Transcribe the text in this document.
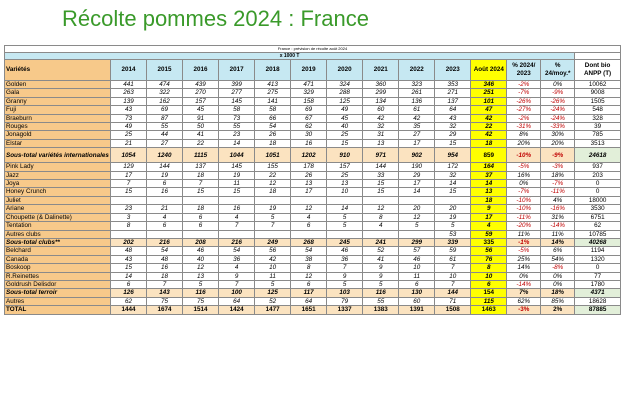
Récolte pommes 2024 : France
France : prévision de récolte août 2024														
x 1000 T														
Variétés	2014	2015	2016	2017	2018	2019	2020	2021	2022	2023	Août 2024	% 2024/ 2023	% 24/moy.*	Dont bio ANPP (T)
Golden	441	474	439	399	413	471	324	360	323	353	346	-2%	0%	10062
Gala	263	322	270	277	275	329	288	299	261	271	251	-7%	-9%	9008
Granny	139	162	157	145	141	158	125	134	136	137	101	-26%	-26%	1505
Fuji	43	69	45	58	58	69	49	60	61	64	47	-27%	-24%	548
Braeburn	73	87	91	73	66	67	45	42	42	43	42	-2%	-24%	328
Rouges	49	55	50	55	54	62	40	32	35	32	22	-31%	-33%	39
Jonagold	25	44	41	23	26	30	25	31	27	29	42	8%	30%	785
Elstar	21	27	22	14	18	16	15	13	17	15	18	20%	20%	3513
Sous-total variétés internationales	1054	1240	1115	1044	1051	1202	910	971	902	954	859	-10%	-9%	24618
Pink Lady	129	144	137	145	155	178	157	144	190	172	164	-5%	-3%	937
Jazz	17	19	18	19	22	26	25	33	29	32	37	16%	18%	203
Joya	7	6	7	11	12	13	13	15	17	14	14	0%	-7%	0
Honey Crunch	15	16	15	15	18	17	10	15	14	15	13	-7%	-11%	0
Juliet											18	-10%	4%	18000
Ariane	23	21	18	16	19	12	14	12	20	20	9	-10%	-16%	3530
Choupette (& Dalinette)	3	4	6	4	5	4	5	8	12	19	17	-11%	31%	6751
Tentation	8	6	6	7	7	6	5	4	5	5	4	-20%	-14%	62
Autres clubs										53	59	11%	11%	10785
Sous-total clubs**	202	216	208	216	249	268	245	241	299	339	335	-1%	14%	40268
Belchard	48	54	46	54	56	54	46	52	57	59	56	-5%	6%	1194
Canada	43	48	40	36	42	38	36	41	46	61	76	25%	54%	1320
Boskoop	15	16	12	4	10	8	7	9	10	7	8	14%	-8%	0
R.Reinettes	14	18	13	9	11	12	9	9	11	10	10	0%	0%	77
Goldrush Delisdor	6	7	5	7	5	6	5	5	6	7	6	-14%	0%	1780
Sous-total terroir	126	143	116	100	125	117	103	116	130	144	154	7%	18%	4371
Autres	62	75	75	64	52	64	79	55	60	71	115	62%	85%	18628
TOTAL	1444	1674	1514	1424	1477	1651	1337	1383	1391	1508	1463	-3%	2%	87885
